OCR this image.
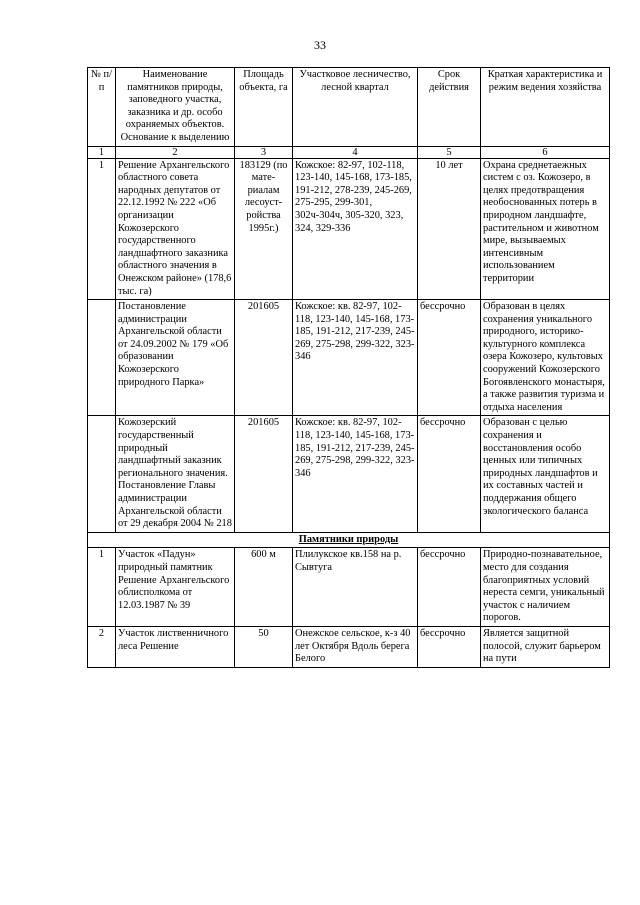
33
№ п/п	Наименование памятников природы, заповедного участка, заказника и др. особо охраняемых объектов. Основание к выделению	Площадь объекта, га	Участковое лесничество, лесной квартал	Срок действия	Краткая характеристика и режим ведения хозяйства
1	2	3	4	5	6
1	Решение Архангельского областного совета народных депутатов от 22.12.1992 № 222 «Об организации Кожозерского государственного ландшафтного заказника областного значения в Онежском районе» (178,6 тыс. га)	183129 (по мате- риалам лесоуст- ройства 1995г.)	Кожское: 82-97, 102-118, 123-140, 145-168, 173-185, 191-212, 278-239, 245-269, 275-295, 299-301, 302ч-304ч, 305-320, 323, 324, 329-336	10 лет	Охрана среднетаежных систем с оз. Кожозеро, в целях предотвращения необоснованных потерь в природном ландшафте, растительном и животном мире, вызываемых интенсивным использованием территории
	Постановление администрации Архангельской области от 24.09.2002 № 179 «Об образовании Кожозерского природного Парка»	201605	Кожское: кв. 82-97, 102-118, 123-140, 145-168, 173-185, 191-212, 217-239, 245-269, 275-298, 299-322, 323-346	бессрочно	Образован в целях сохранения уникального природного, историко-культурного комплекса озера Кожозеро, культовых сооружений Кожозерского Богоявленского монастыря, а также развития туризма и отдыха населения
	Кожозерский государственный природный ландшафтный заказник регионального значения. Постановление Главы администрации Архангельской области от 29 декабря 2004 № 218	201605	Кожское: кв. 82-97, 102-118, 123-140, 145-168, 173-185, 191-212, 217-239, 245-269, 275-298, 299-322, 323-346	бессрочно	Образован с целью сохранения и восстановления особо ценных или типичных природных ландшафтов и их составных частей и поддержания общего экологического баланса
Памятники природы					
1	Участок «Падун» природный памятник Решение Архангельского облисполкома от 12.03.1987 № 39	600 м	Плилукское кв.158 на р. Сывтуга	бессрочно	Природно-познавательное, место для создания благоприятных условий нереста семги, уникальный участок с наличием порогов.
2	Участок лиственничного леса Решение	50	Онежское сельское, к-з 40 лет Октября Вдоль берега Белого	бессрочно	Является защитной полосой, служит барьером на пути
